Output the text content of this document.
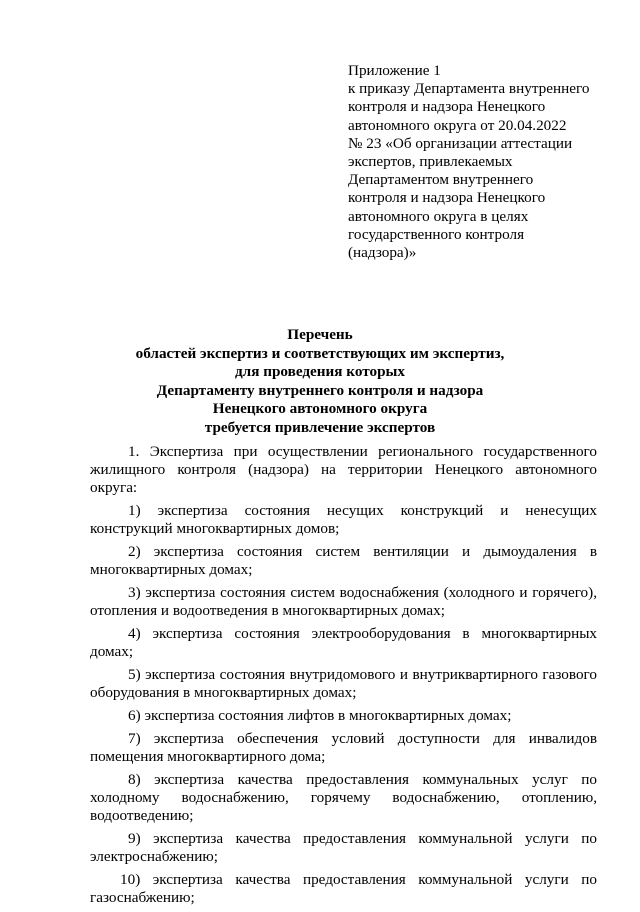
Приложение 1
к приказу Департамента внутреннего
контроля и надзора Ненецкого
автономного округа от 20.04.2022
№ 23 «Об организации аттестации
экспертов, привлекаемых
Департаментом внутреннего
контроля и надзора Ненецкого
автономного округа в целях
государственного контроля
(надзора)»
Перечень
областей экспертиз и соответствующих им экспертиз,
для проведения которых
Департаменту внутреннего контроля и надзора
Ненецкого автономного округа
требуется привлечение экспертов

1. Экспертиза при осуществлении регионального государственного жилищного контроля (надзора) на территории Ненецкого автономного округа:

1) экспертиза состояния несущих конструкций и ненесущих конструкций многоквартирных домов;

2) экспертиза состояния систем вентиляции и дымоудаления в многоквартирных домах;

3) экспертиза состояния систем водоснабжения (холодного и горячего), отопления и водоотведения в многоквартирных домах;

4) экспертиза состояния электрооборудования в многоквартирных домах;

5) экспертиза состояния внутридомового и внутриквартирного газового оборудования в многоквартирных домах;

6) экспертиза состояния лифтов в многоквартирных домах;

7) экспертиза обеспечения условий доступности для инвалидов помещения многоквартирного дома;

8) экспертиза качества предоставления коммунальных услуг по холодному водоснабжению, горячему водоснабжению, отоплению, водоотведению;

9) экспертиза качества предоставления коммунальной услуги по электроснабжению;

10) экспертиза качества предоставления коммунальной услуги по газоснабжению;
